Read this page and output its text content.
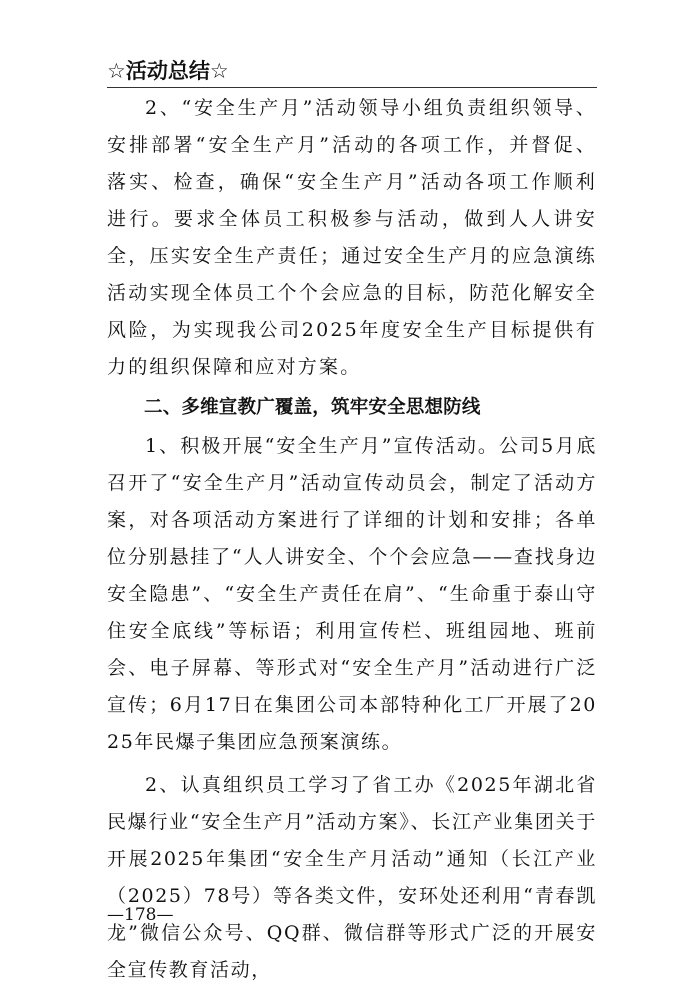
☆活动总结☆

2、“安全生产月”活动领导小组负责组织领导、安排部署“安全生产月”活动的各项工作，并督促、落实、检查，确保“安全生产月”活动各项工作顺利进行。要求全体员工积极参与活动，做到人人讲安全，压实安全生产责任；通过安全生产月的应急演练活动实现全体员工个个会应急的目标，防范化解安全风险，为实现我公司2025年度安全生产目标提供有力的组织保障和应对方案。

二、多维宣教广覆盖，筑牢安全思想防线

1、积极开展“安全生产月”宣传活动。公司5月底召开了“安全生产月”活动宣传动员会，制定了活动方案，对各项活动方案进行了详细的计划和安排；各单位分别悬挂了“人人讲安全、个个会应急——查找身边安全隐患”、“安全生产责任在肩”、“生命重于泰山守住安全底线”等标语；利用宣传栏、班组园地、班前会、电子屏幕、等形式对“安全生产月”活动进行广泛宣传；6月17日在集团公司本部特种化工厂开展了2025年民爆子集团应急预案演练。

2、认真组织员工学习了省工办《2025年湖北省民爆行业“安全生产月”活动方案》、长江产业集团关于开展2025年集团“安全生产月活动”通知（长江产业（2025）78号）等各类文件，安环处还利用“青春凯龙”微信公众号、QQ群、微信群等形式广泛的开展安全宣传教育活动，

—178—
